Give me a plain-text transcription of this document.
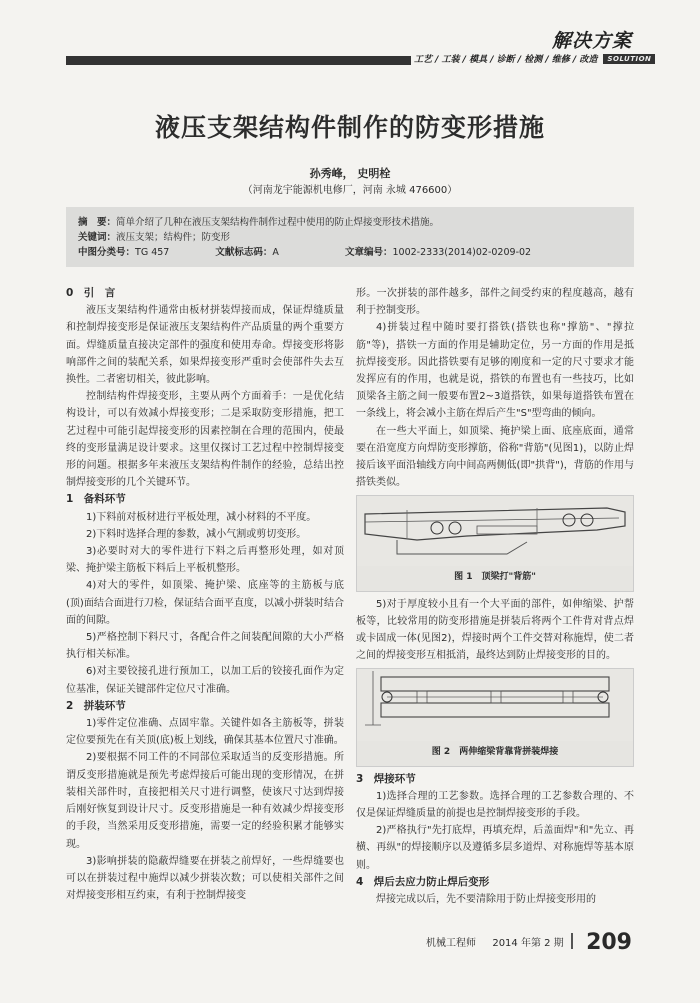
解决方案
工艺 / 工装 / 模具 / 诊断 / 检测 / 维修 / 改造 SOLUTION
液压支架结构件制作的防变形措施
孙秀峰， 史明栓
（河南龙宇能源机电修厂，河南 永城 476600）
摘　要：简单介绍了几种在液压支架结构件制作过程中使用的防止焊接变形技术措施。
关键词：液压支架；结构件；防变形
中图分类号：TG 457	文献标志码：A	文章编号：1002-2333(2014)02-0209-02
0　引　言

液压支架结构件通常由板材拼装焊接而成，保证焊缝质量和控制焊接变形是保证液压支架结构件产品质量的两个重要方面。焊缝质量直接决定部件的强度和使用寿命。焊接变形将影响部件之间的装配关系，如果焊接变形严重时会使部件失去互换性。二者密切相关，彼此影响。

控制结构件焊接变形，主要从两个方面着手：一是优化结构设计，可以有效减小焊接变形；二是采取防变形措施，把工艺过程中可能引起焊接变形的因素控制在合理的范围内，使最终的变形量满足设计要求。这里仅探讨工艺过程中控制焊接变形的问题。根据多年来液压支架结构件制作的经验，总结出控制焊接变形的几个关键环节。

1　备料环节

1)下料前对板材进行平板处理，减小材料的不平度。

2)下料时选择合理的参数，减小气割或剪切变形。

3)必要时对大的零件进行下料之后再整形处理，如对顶梁、掩护梁主筋板下料后上平板机整形。

4)对大的零件，如顶梁、掩护梁、底座等的主筋板与底(顶)面结合面进行刀检，保证结合面平直度，以减小拼装时结合面的间隙。

5)严格控制下料尺寸，各配合件之间装配间隙的大小严格执行相关标准。

6)对主要铰接孔进行预加工，以加工后的铰接孔面作为定位基准，保证关键部件定位尺寸准确。

2　拼装环节

1)零件定位准确、点固牢靠。关键件如各主筋板等，拼装定位要预先在有关顶(底)板上划线，确保其基本位置尺寸准确。

2)要根据不同工件的不同部位采取适当的反变形措施。所谓反变形措施就是预先考虑焊接后可能出现的变形情况，在拼装相关部件时，直接把相关尺寸进行调整，使该尺寸达到焊接后刚好恢复到设计尺寸。反变形措施是一种有效减少焊接变形的手段，当然采用反变形措施，需要一定的经验积累才能够实现。

3)影响拼装的隐蔽焊缝要在拼装之前焊好，一些焊缝要也可以在拼装过程中施焊以减少拼装次数；可以使相关部件之间对焊接变形相互约束，有利于控制焊接变

形。一次拼装的部件越多，部件之间受约束的程度越高，越有利于控制变形。

4)拼装过程中随时要打搭铁(搭铁也称"撑筋"、"撑拉筋"等)，搭铁一方面的作用是辅助定位，另一方面的作用是抵抗焊接变形。因此搭铁要有足够的刚度和一定的尺寸要求才能发挥应有的作用，也就是说，搭铁的布置也有一些技巧，比如顶梁各主筋之间一般要布置2~3道搭铁，如果每道搭铁布置在一条线上，将会减小主筋在焊后产生"S"型弯曲的倾向。

在一些大平面上，如顶梁、掩护梁上面、底座底面，通常要在沿宽度方向焊防变形撑筋，俗称"背筋"(见图1)，以防止焊接后该平面沿轴线方向中间高两侧低(即"拱背")，背筋的作用与搭铁类似。

图 1　顶梁打"背筋"

5)对于厚度较小且有一个大平面的部件，如伸缩梁、护帮板等，比较常用的防变形措施是拼装后将两个工件背对背点焊或卡固成一体(见图2)，焊接时两个工件交替对称施焊，使二者之间的焊接变形互相抵消，最终达到防止焊接变形的目的。

图 2　两伸缩梁背靠背拼装焊接
3　焊接环节

1)选择合理的工艺参数。选择合理的工艺参数合理的、不仅是保证焊缝质量的前提也是控制焊接变形的手段。

2)严格执行"先打底焊，再填充焊，后盖面焊"和"先立、再横、再纵"的焊接顺序以及遵循多层多道焊、对称施焊等基本原则。

4　焊后去应力防止焊后变形

焊接完成以后，先不要清除用于防止焊接变形用的

机械工程师 2014 年第 2 期 209
